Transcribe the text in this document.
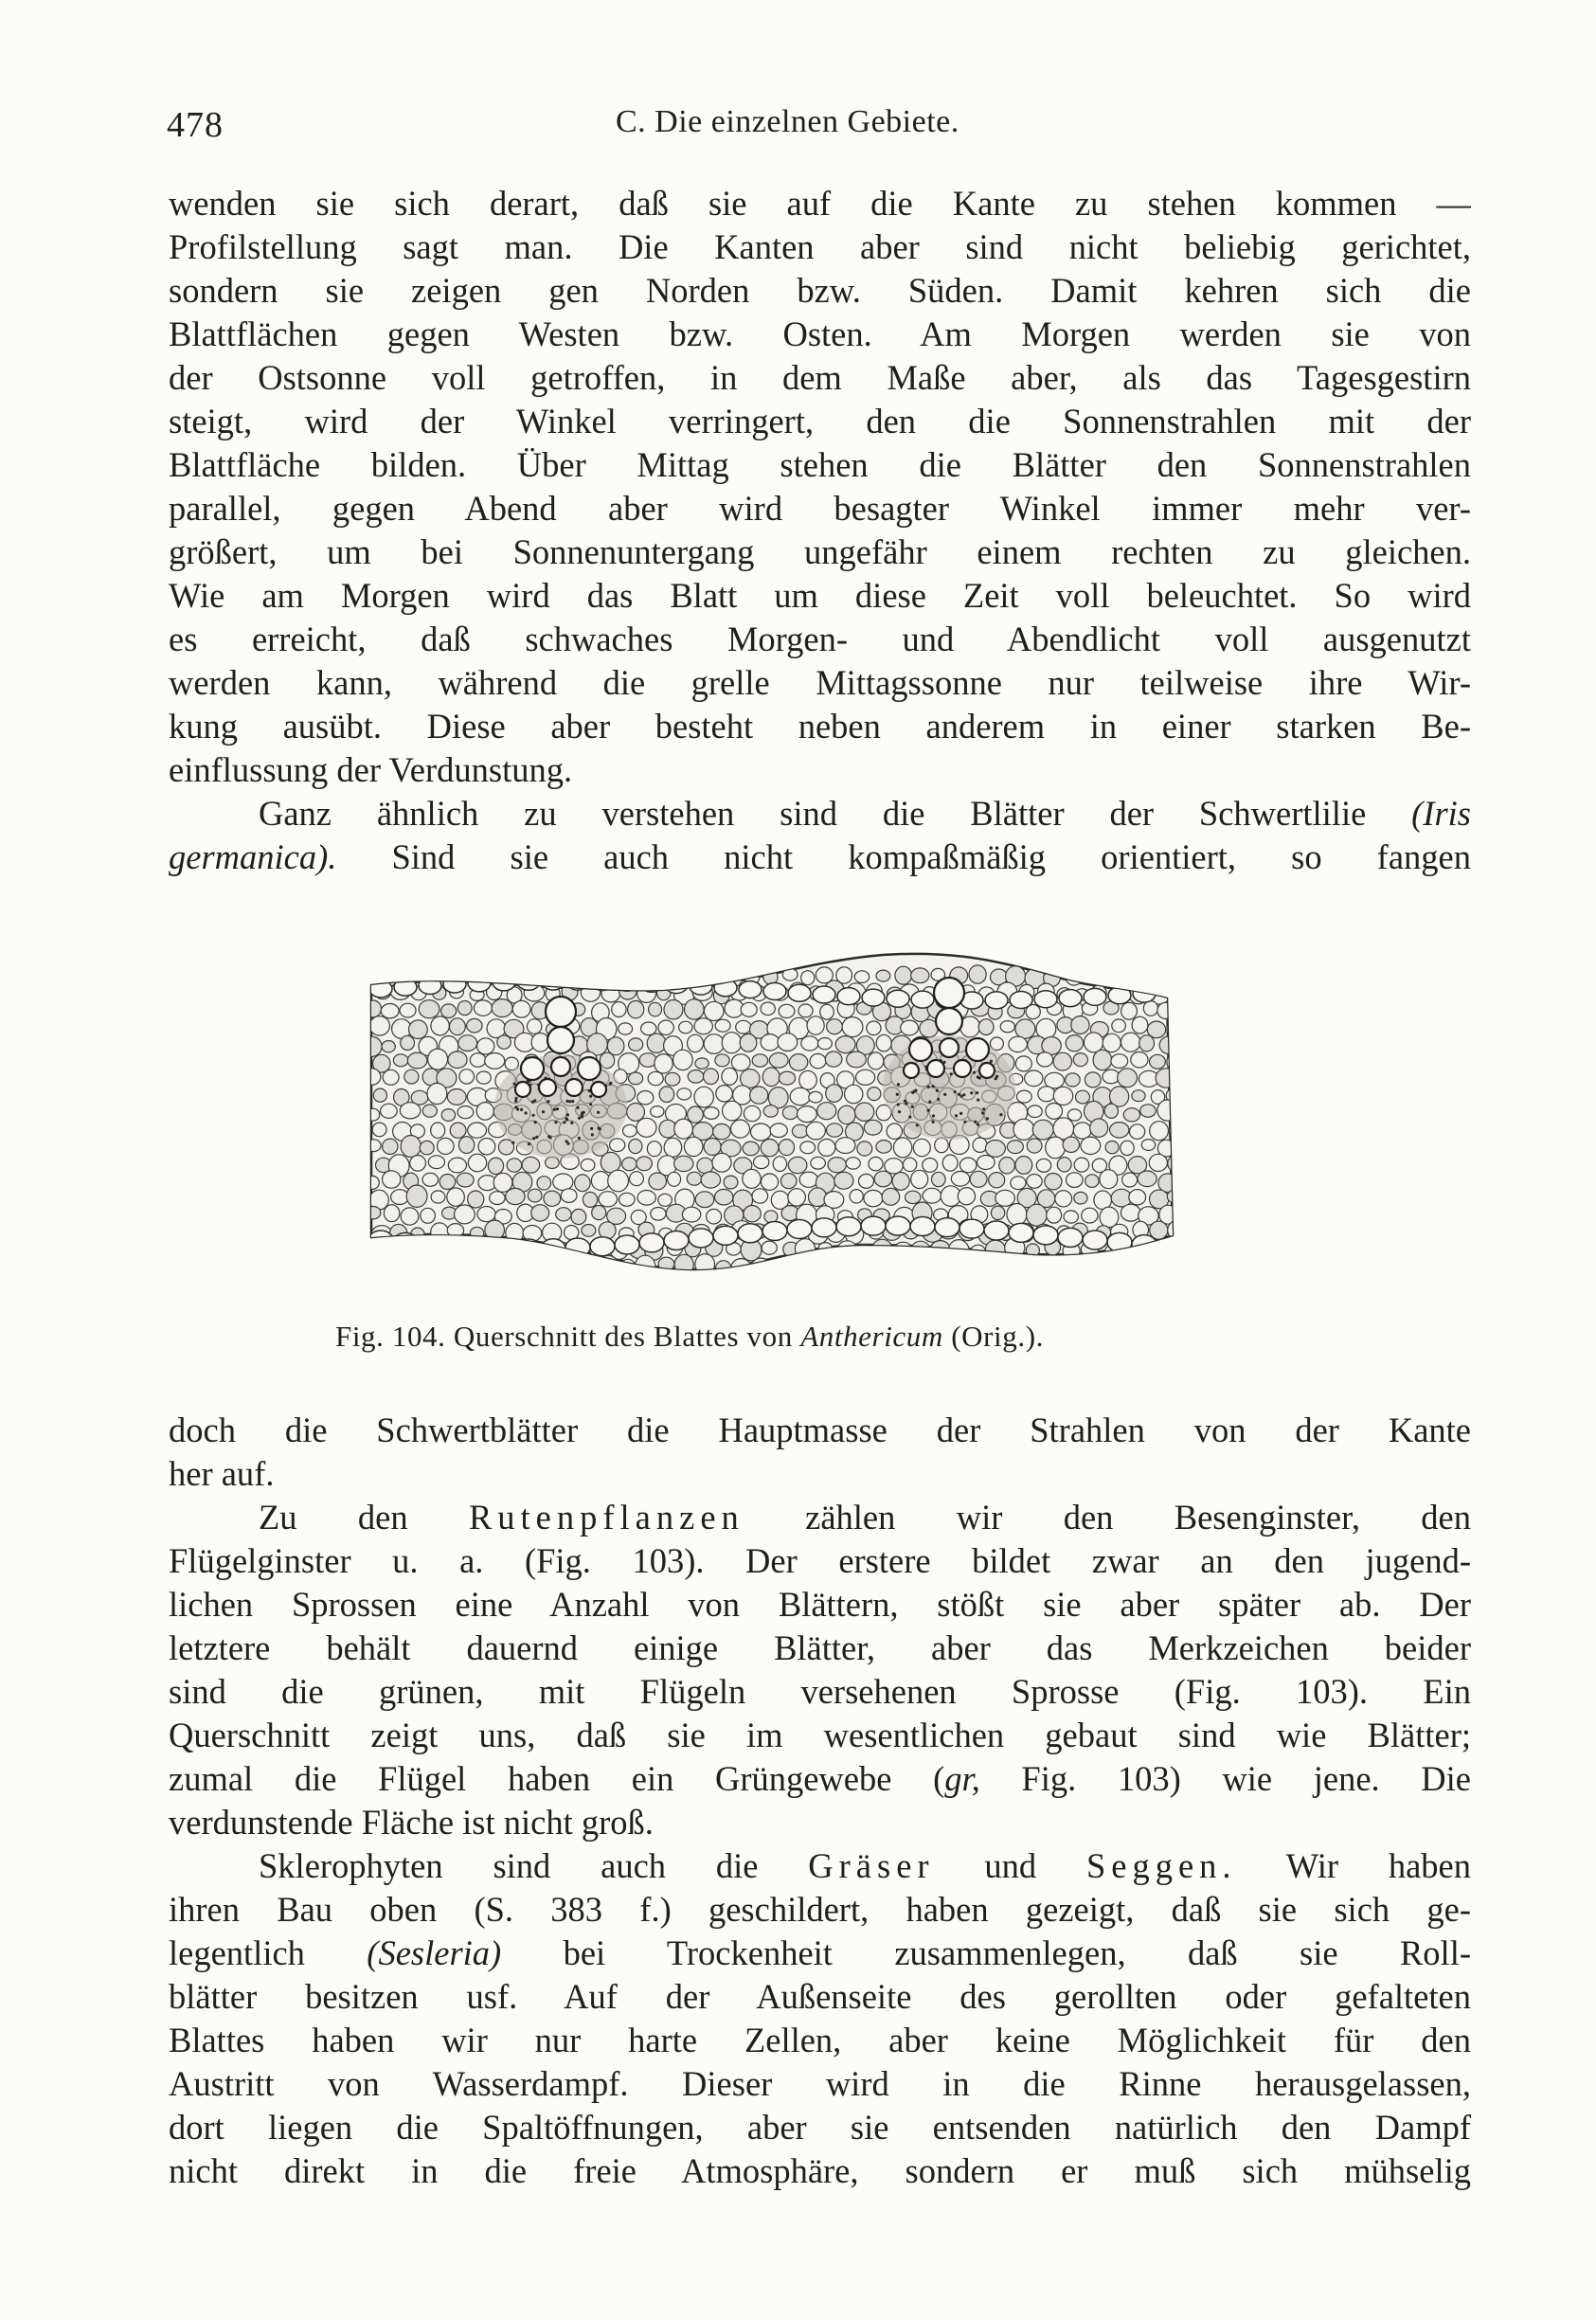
478	C. Die einzelnen Gebiete.
wenden sie sich derart, daß sie auf die Kante zu stehen kommen —
Profilstellung sagt man. Die Kanten aber sind nicht beliebig gerichtet,
sondern sie zeigen gen Norden bzw. Süden. Damit kehren sich die
Blattflächen gegen Westen bzw. Osten. Am Morgen werden sie von
der Ostsonne voll getroffen, in dem Maße aber, als das Tagesgestirn
steigt, wird der Winkel verringert, den die Sonnenstrahlen mit der
Blattfläche bilden. Über Mittag stehen die Blätter den Sonnenstrahlen
parallel, gegen Abend aber wird besagter Winkel immer mehr ver-
größert, um bei Sonnenuntergang ungefähr einem rechten zu gleichen.
Wie am Morgen wird das Blatt um diese Zeit voll beleuchtet. So wird
es erreicht, daß schwaches Morgen- und Abendlicht voll ausgenutzt
werden kann, während die grelle Mittagssonne nur teilweise ihre Wir-
kung ausübt. Diese aber besteht neben anderem in einer starken Be-
einflussung der Verdunstung.
Ganz ähnlich zu verstehen sind die Blätter der Schwertlilie (Iris
germanica). Sind sie auch nicht kompaßmäßig orientiert, so fangen
Fig. 104. Querschnitt des Blattes von Anthericum (Orig.).
doch die Schwertblätter die Hauptmasse der Strahlen von der Kante
her auf.
Zu den Rutenpflanzen zählen wir den Besenginster, den
Flügelginster u. a. (Fig. 103). Der erstere bildet zwar an den jugend-
lichen Sprossen eine Anzahl von Blättern, stößt sie aber später ab. Der
letztere behält dauernd einige Blätter, aber das Merkzeichen beider
sind die grünen, mit Flügeln versehenen Sprosse (Fig. 103). Ein
Querschnitt zeigt uns, daß sie im wesentlichen gebaut sind wie Blätter;
zumal die Flügel haben ein Grüngewebe (gr, Fig. 103) wie jene. Die
verdunstende Fläche ist nicht groß.
Sklerophyten sind auch die Gräser und Seggen. Wir haben
ihren Bau oben (S. 383 f.) geschildert, haben gezeigt, daß sie sich ge-
legentlich (Sesleria) bei Trockenheit zusammenlegen, daß sie Roll-
blätter besitzen usf. Auf der Außenseite des gerollten oder gefalteten
Blattes haben wir nur harte Zellen, aber keine Möglichkeit für den
Austritt von Wasserdampf. Dieser wird in die Rinne herausgelassen,
dort liegen die Spaltöffnungen, aber sie entsenden natürlich den Dampf
nicht direkt in die freie Atmosphäre, sondern er muß sich mühselig
